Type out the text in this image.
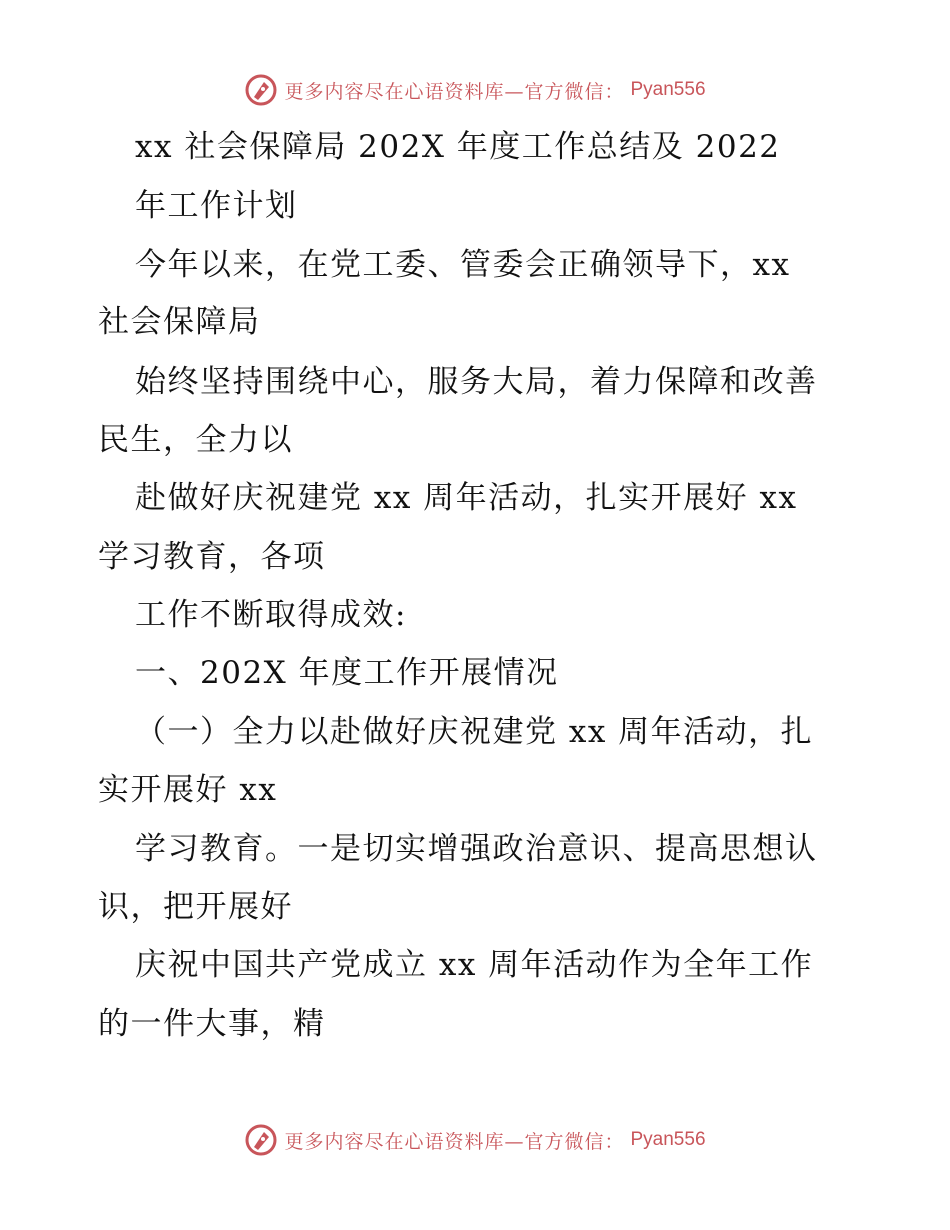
更多内容尽在心语资料库—官方微信： Pyan556
xx 社会保障局 202X 年度工作总结及 2022
年工作计划
今年以来，在党工委、管委会正确领导下，xx
社会保障局
始终坚持围绕中心，服务大局，着力保障和改善
民生，全力以
赴做好庆祝建党 xx 周年活动，扎实开展好 xx
学习教育，各项
工作不断取得成效:
一、202X 年度工作开展情况
（一）全力以赴做好庆祝建党 xx 周年活动，扎
实开展好 xx
学习教育。一是切实增强政治意识、提高思想认
识，把开展好
庆祝中国共产党成立 xx 周年活动作为全年工作
的一件大事，精
更多内容尽在心语资料库—官方微信： Pyan556
